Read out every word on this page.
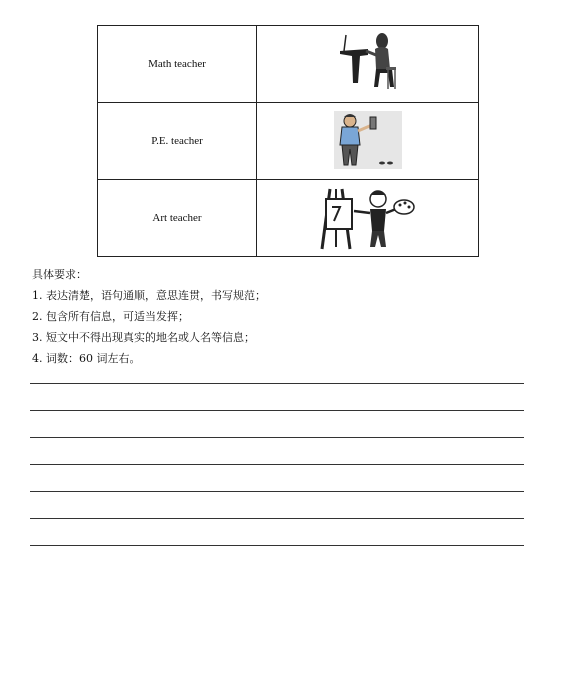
Math teacher	
P.E. teacher	
Art teacher	
具体要求：
1. 表达清楚，语句通顺，意思连贯，书写规范；
2. 包含所有信息，可适当发挥；
3. 短文中不得出现真实的地名或人名等信息；
4. 词数：60 词左右。
